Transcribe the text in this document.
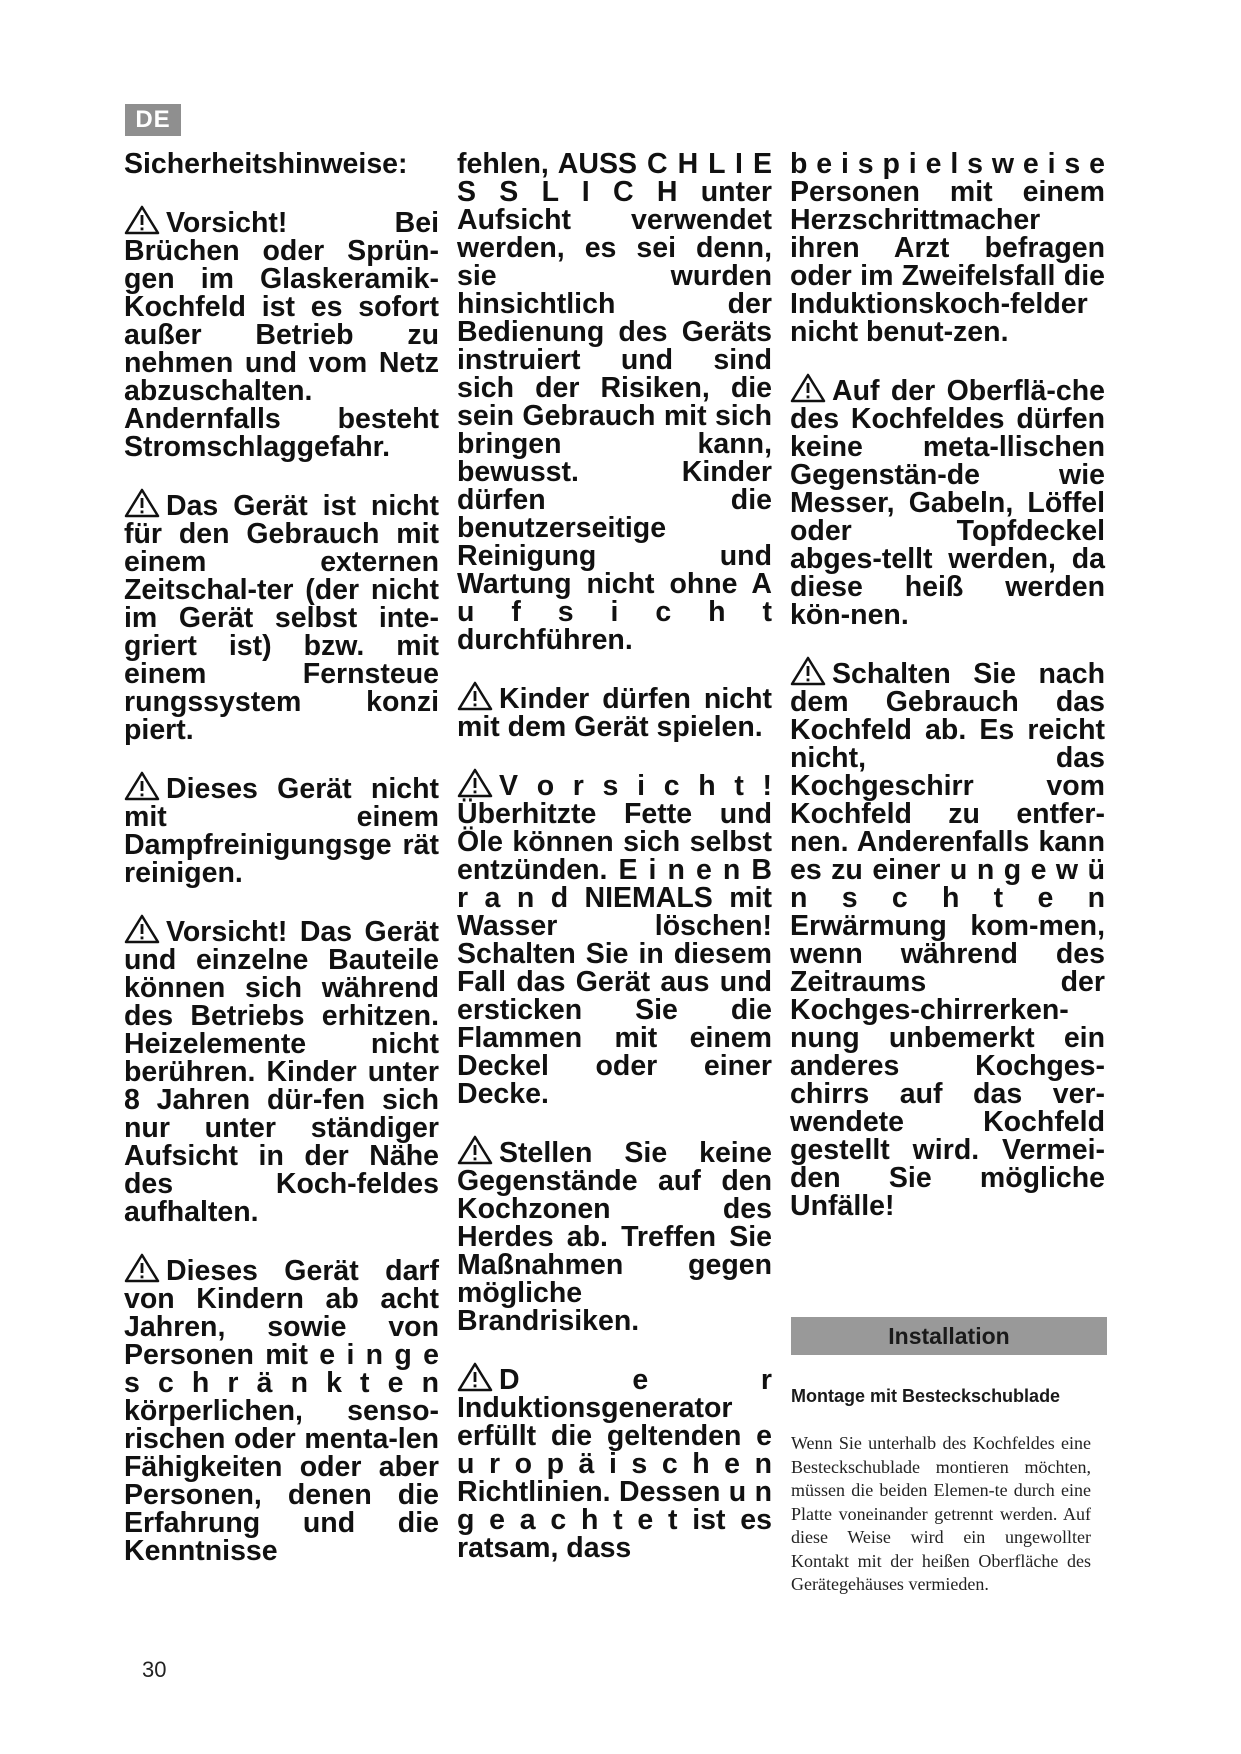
DE

Sicherheitshinweise:

Vorsicht! Bei Brüchen oder Sprün-gen im Glaskeramik-Kochfeld ist es sofort außer Betrieb zu nehmen und vom Netz abzuschalten. Andernfalls besteht Stromschlaggefahr.

Das Gerät ist nicht für den Gebrauch mit einem externen Zeitschal-ter (der nicht im Gerät selbst inte-griert ist) bzw. mit einem Fernsteue rungssystem konzi piert.

Dieses Gerät nicht mit einem Dampfreinigungsge rät reinigen.

Vorsicht! Das Gerät und einzelne Bauteile können sich während des Betriebs erhitzen. Heizelemente nicht berühren. Kinder unter 8 Jahren dür-fen sich nur unter ständiger Aufsicht in der Nähe des Koch-feldes aufhalten.

Dieses Gerät darf von Kindern ab acht Jahren, sowie von Personen mit e i n g e s c h r ä n k t e n körperlichen, senso-rischen oder menta-len Fähigkeiten oder aber Personen, denen die Erfahrung und die Kenntnisse

fehlen, AUSS C H L I E S S L I C H unter Aufsicht verwendet werden, es sei denn, sie wurden hinsichtlich der Bedienung des Geräts instruiert und sind sich der Risiken, die sein Gebrauch mit sich bringen kann, bewusst. Kinder dürfen die benutzerseitige Reinigung und Wartung nicht ohne A u f s i c h t durchführen.

Kinder dürfen nicht mit dem Gerät spielen.

V o r s i c h t ! Überhitzte Fette und Öle können sich selbst entzünden. E i n e n B r a n d NIEMALS mit Wasser löschen! Schalten Sie in diesem Fall das Gerät aus und ersticken Sie die Flammen mit einem Deckel oder einer Decke.

Stellen Sie keine Gegenstände auf den Kochzonen des Herdes ab. Treffen Sie Maßnahmen gegen mögliche Brandrisiken.

D e r Induktionsgenerator erfüllt die geltenden e u r o p ä i s c h e n Richtlinien. Dessen u n g e a c h t e t ist es ratsam, dass

b e i s p i e l s w e i s e Personen mit einem Herzschrittmacher ihren Arzt befragen oder im Zweifelsfall die Induktionskoch-felder nicht benut-zen.

Auf der Oberflä-che des Kochfeldes dürfen keine meta-llischen Gegenstän-de wie Messer, Gabeln, Löffel oder Topfdeckel abges-tellt werden, da diese heiß werden kön-nen.

Schalten Sie nach dem Gebrauch das Kochfeld ab. Es reicht nicht, das Kochgeschirr vom Kochfeld zu entfer-nen. Anderenfalls kann es zu einer u n g e w ü n s c h t e n Erwärmung kom-men, wenn während des Zeitraums der Kochges-chirrerken-nung unbemerkt ein anderes Kochges-chirrs auf das ver-wendete Kochfeld gestellt wird. Vermei-den Sie mögliche Unfälle!

Installation
Montage mit Besteckschublade
Wenn Sie unterhalb des Kochfeldes eine Besteckschublade montieren möchten, müssen die beiden Elemen-te durch eine Platte voneinander getrennt werden. Auf diese Weise wird ein ungewollter Kontakt mit der heißen Oberfläche des Gerätegehäuses vermieden.
30
